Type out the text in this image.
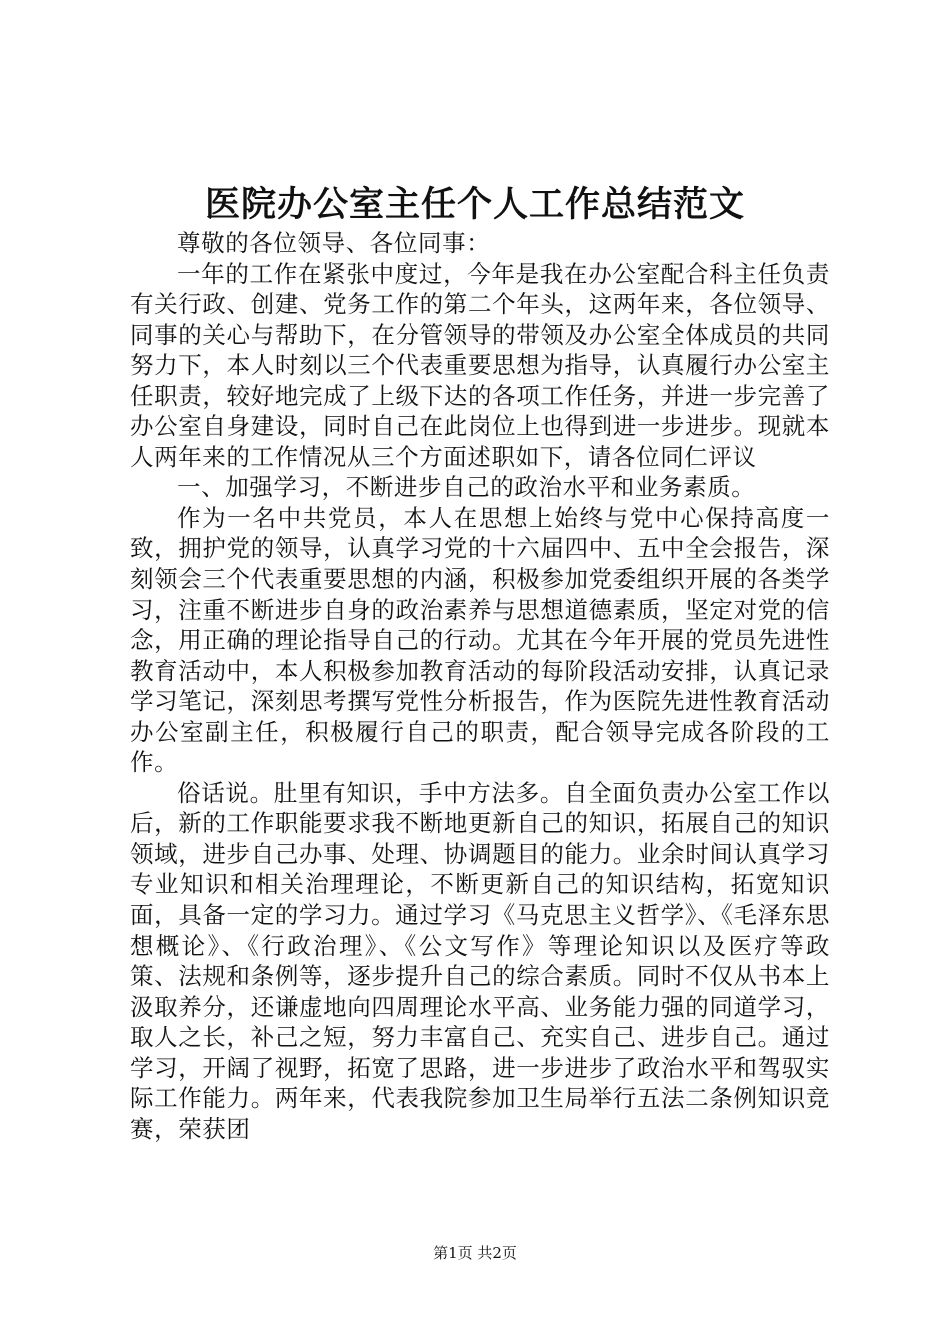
医院办公室主任个人工作总结范文

尊敬的各位领导、各位同事：

一年的工作在紧张中度过，今年是我在办公室配合科主任负责有关行政、创建、党务工作的第二个年头，这两年来，各位领导、同事的关心与帮助下，在分管领导的带领及办公室全体成员的共同努力下，本人时刻以三个代表重要思想为指导，认真履行办公室主任职责，较好地完成了上级下达的各项工作任务，并进一步完善了办公室自身建设，同时自己在此岗位上也得到进一步进步。现就本人两年来的工作情况从三个方面述职如下，请各位同仁评议

一、加强学习，不断进步自己的政治水平和业务素质。

作为一名中共党员，本人在思想上始终与党中心保持高度一致，拥护党的领导，认真学习党的十六届四中、五中全会报告，深刻领会三个代表重要思想的内涵，积极参加党委组织开展的各类学习，注重不断进步自身的政治素养与思想道德素质，坚定对党的信念，用正确的理论指导自己的行动。尤其在今年开展的党员先进性教育活动中，本人积极参加教育活动的每阶段活动安排，认真记录学习笔记，深刻思考撰写党性分析报告，作为医院先进性教育活动办公室副主任，积极履行自己的职责，配合领导完成各阶段的工作。

俗话说。肚里有知识，手中方法多。自全面负责办公室工作以后，新的工作职能要求我不断地更新自己的知识，拓展自己的知识领域，进步自己办事、处理、协调题目的能力。业余时间认真学习专业知识和相关治理理论，不断更新自己的知识结构，拓宽知识面，具备一定的学习力。通过学习《马克思主义哲学》、《毛泽东思想概论》、《行政治理》、《公文写作》等理论知识以及医疗等政策、法规和条例等，逐步提升自己的综合素质。同时不仅从书本上汲取养分，还谦虚地向四周理论水平高、业务能力强的同道学习，取人之长，补己之短，努力丰富自己、充实自己、进步自己。通过学习，开阔了视野，拓宽了思路，进一步进步了政治水平和驾驭实际工作能力。两年来，代表我院参加卫生局举行五法二条例知识竞赛，荣获团

第1页 共2页
